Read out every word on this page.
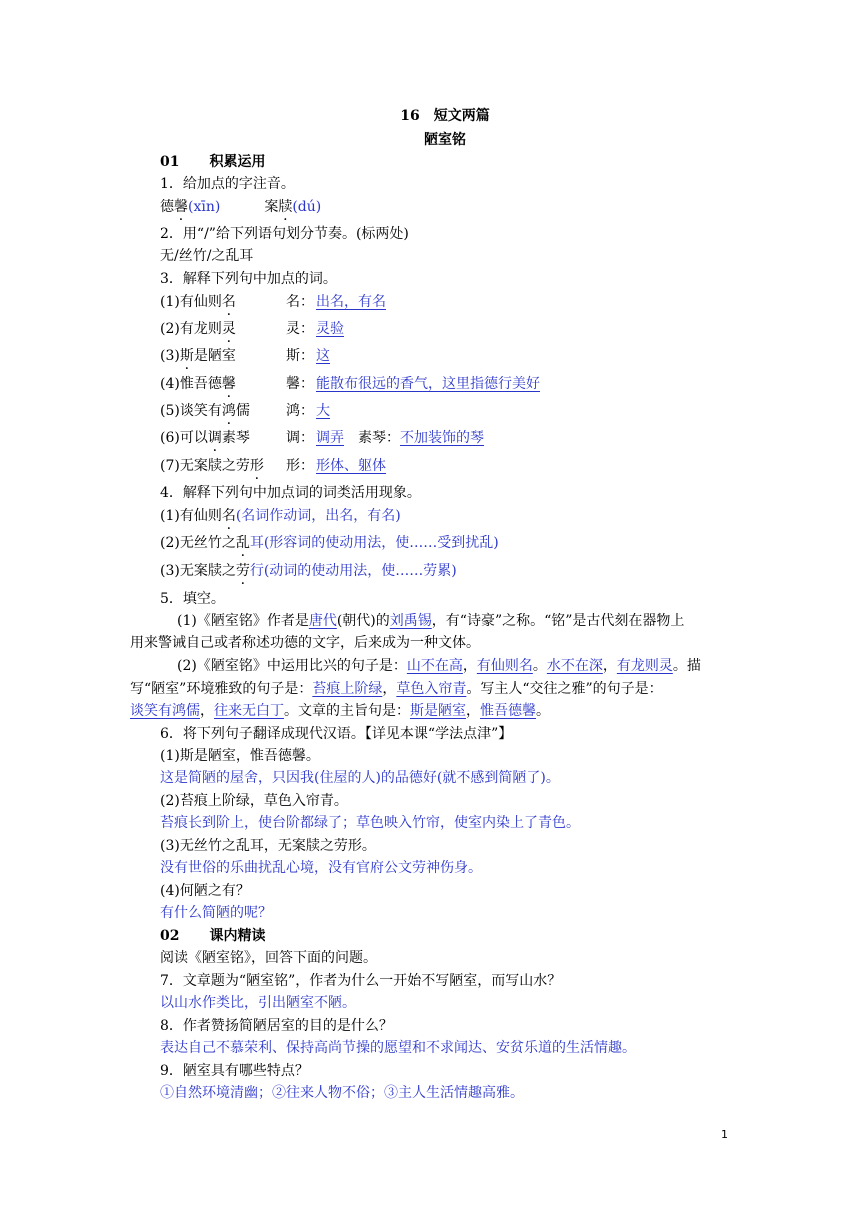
16　短文两篇
陋室铭
01 积累运用
1．给加点的字注音。
德馨(xīn)	案牍(dú)
2．用“/”给下列语句划分节奏。(标两处)
无/丝竹/之乱耳
3．解释下列句中加点的词。
(1)有仙则名	名： 出名，有名
(2)有龙则灵	灵： 灵验
(3)斯是陋室	斯： 这
(4)惟吾德馨	馨： 能散布很远的香气，这里指德行美好
(5)谈笑有鸿儒	鸿： 大
(6)可以调素琴	调： 调弄 素琴：不加装饰的琴
(7)无案牍之劳形 形： 形体、躯体
4．解释下列句中加点词的词类活用现象。
(1)有仙则名(名词作动词，出名，有名)
(2)无丝竹之乱耳(形容词的使动用法，使……受到扰乱)
(3)无案牍之劳行(动词的使动用法，使……劳累)
5．填空。
(1)《陋室铭》作者是唐代(朝代)的刘禹锡，有“诗豪”之称。“铭”是古代刻在器物上
用来警诫自己或者称述功德的文字，后来成为一种文体。
(2)《陋室铭》中运用比兴的句子是：山不在高，有仙则名。水不在深，有龙则灵。描
写“陋室”环境雅致的句子是：苔痕上阶绿，草色入帘青。写主人“交往之雅”的句子是：
谈笑有鸿儒，往来无白丁。文章的主旨句是：斯是陋室，惟吾德馨。
6．将下列句子翻译成现代汉语。【详见本课“学法点津”】
(1)斯是陋室，惟吾德馨。
这是简陋的屋舍，只因我(住屋的人)的品德好(就不感到简陋了)。
(2)苔痕上阶绿，草色入帘青。
苔痕长到阶上，使台阶都绿了；草色映入竹帘，使室内染上了青色。
(3)无丝竹之乱耳，无案牍之劳形。
没有世俗的乐曲扰乱心境，没有官府公文劳神伤身。
(4)何陋之有？
有什么简陋的呢？
02 课内精读
阅读《陋室铭》，回答下面的问题。
7．文章题为“陋室铭”，作者为什么一开始不写陋室，而写山水？
以山水作类比，引出陋室不陋。
8．作者赞扬简陋居室的目的是什么？
表达自己不慕荣利、保持高尚节操的愿望和不求闻达、安贫乐道的生活情趣。
9．陋室具有哪些特点？
①自然环境清幽；②往来人物不俗；③主人生活情趣高雅。
1
